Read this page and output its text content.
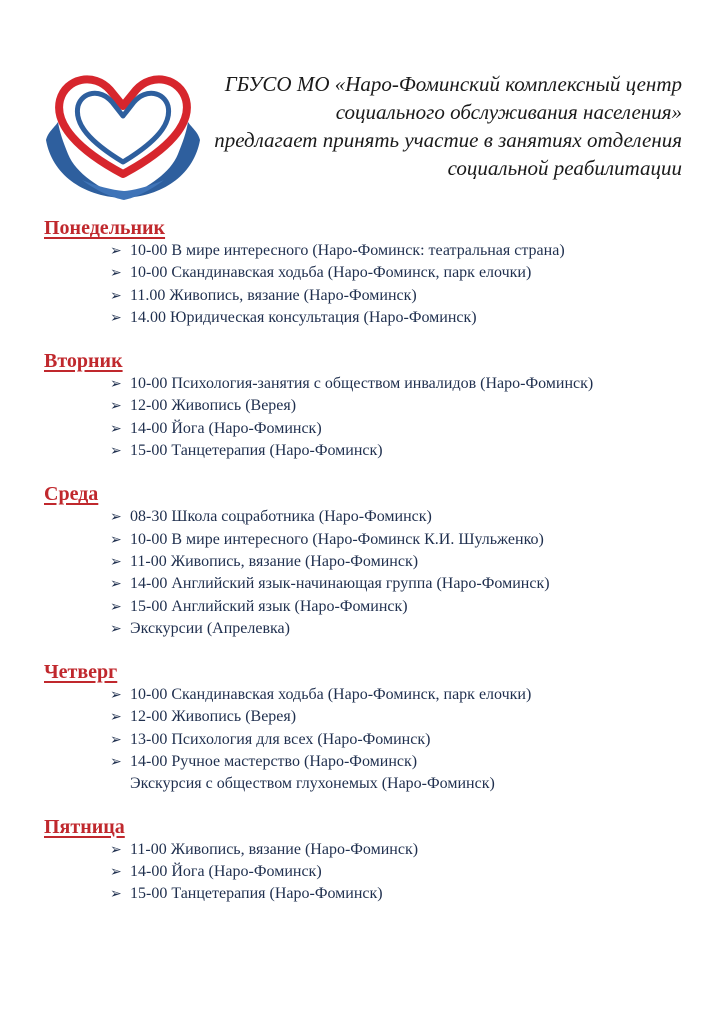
ГБУСО МО «Наро-Фоминский комплексный центр
социального обслуживания населения»
предлагает принять участие в занятиях отделения
социальной реабилитации
Понедельник
➢ 10-00 В мире интересного (Наро-Фоминск: театральная страна)
➢ 10-00 Скандинавская ходьба (Наро-Фоминск, парк елочки)
➢ 11.00 Живопись, вязание (Наро-Фоминск)
➢ 14.00 Юридическая консультация (Наро-Фоминск)
Вторник
➢ 10-00 Психология-занятия с обществом инвалидов (Наро-Фоминск)
➢ 12-00 Живопись (Верея)
➢ 14-00 Йога (Наро-Фоминск)
➢ 15-00 Танцетерапия (Наро-Фоминск)
Среда
➢ 08-30 Школа соцработника (Наро-Фоминск)
➢ 10-00 В мире интересного (Наро-Фоминск К.И. Шульженко)
➢ 11-00 Живопись, вязание (Наро-Фоминск)
➢ 14-00 Английский язык-начинающая группа (Наро-Фоминск)
➢ 15-00 Английский язык (Наро-Фоминск)
➢ Экскурсии (Апрелевка)
Четверг
➢ 10-00 Скандинавская ходьба (Наро-Фоминск, парк елочки)
➢ 12-00 Живопись (Верея)
➢ 13-00 Психология для всех (Наро-Фоминск)
➢ 14-00 Ручное мастерство (Наро-Фоминск)
Экскурсия с обществом глухонемых (Наро-Фоминск)
Пятница
➢ 11-00 Живопись, вязание (Наро-Фоминск)
➢ 14-00 Йога (Наро-Фоминск)
➢ 15-00 Танцетерапия (Наро-Фоминск)
